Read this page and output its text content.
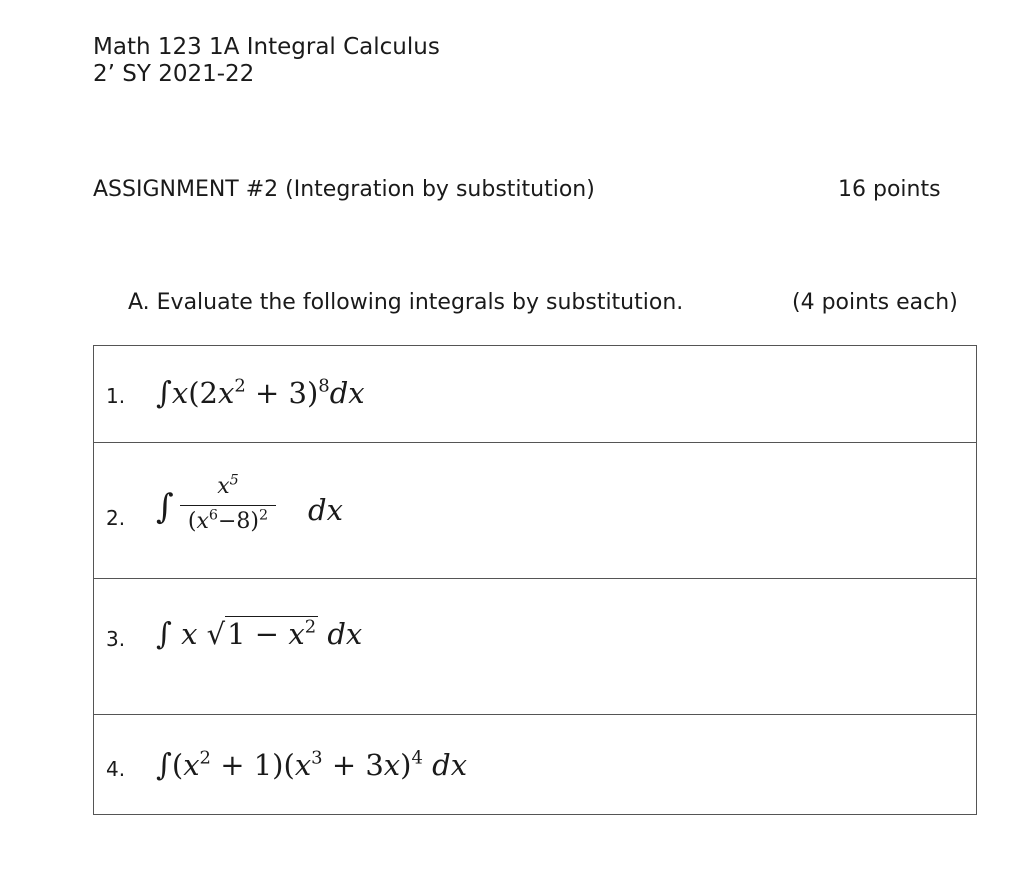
Math 123 1A Integral Calculus
2’ SY 2021-22
ASSIGNMENT #2 (Integration by substitution)	16 points
A. Evaluate the following integrals by substitution.	(4 points each)
1. $\int x(2x^2 + 3)^8dx$
2. ∫
$x^5$
$(x^6-8)^2$ dx
3. ∫ x $√1 - x^2$ dx
4. $\int(x^2 + 1)(x^3 + 3x)^4$ dx
